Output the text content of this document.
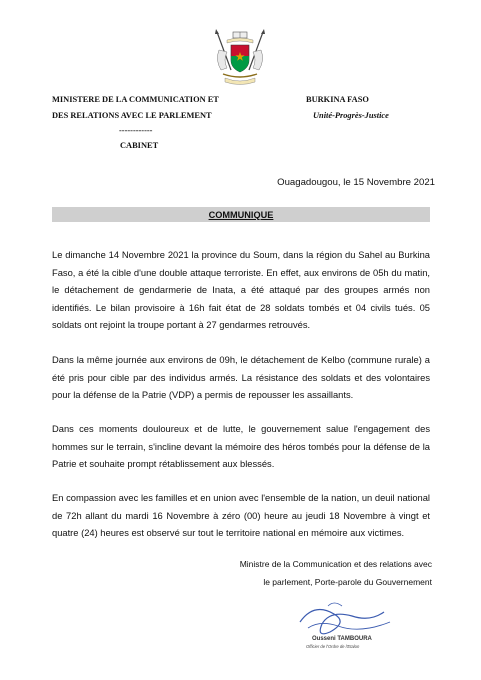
MINISTERE DE LA COMMUNICATION ET
DES RELATIONS AVEC LE PARLEMENT
------------
CABINET
BURKINA FASO
Unité-Progrès-Justice
Ouagadougou, le 15 Novembre 2021
COMMUNIQUE

Le dimanche 14 Novembre 2021 la province du Soum, dans la région du Sahel au Burkina Faso, a été la cible d'une double attaque terroriste. En effet, aux environs de 05h du matin, le détachement de gendarmerie de Inata, a été attaqué par des groupes armés non identifiés. Le bilan provisoire à 16h fait état de 28 soldats tombés et 04 civils tués. 05 soldats ont rejoint la troupe portant à 27 gendarmes retrouvés.

Dans la même journée aux environs de 09h, le détachement de Kelbo (commune rurale) a été pris pour cible par des individus armés. La résistance des soldats et des volontaires pour la défense de la Patrie (VDP) a permis de repousser les assaillants.

Dans ces moments douloureux et de lutte, le gouvernement salue l'engagement des hommes sur le terrain, s'incline devant la mémoire des héros tombés pour la défense de la Patrie et souhaite prompt rétablissement aux blessés.

En compassion avec les familles et en union avec l'ensemble de la nation, un deuil national de 72h allant du mardi 16 Novembre à zéro (00) heure au jeudi 18 Novembre à vingt et quatre (24) heures est observé sur tout le territoire national en mémoire aux victimes.

Ministre de la Communication et des relations avec
le parlement, Porte-parole du Gouvernement
Ousseni TAMBOURA
Officier de l'Ordre de l'Etalon
